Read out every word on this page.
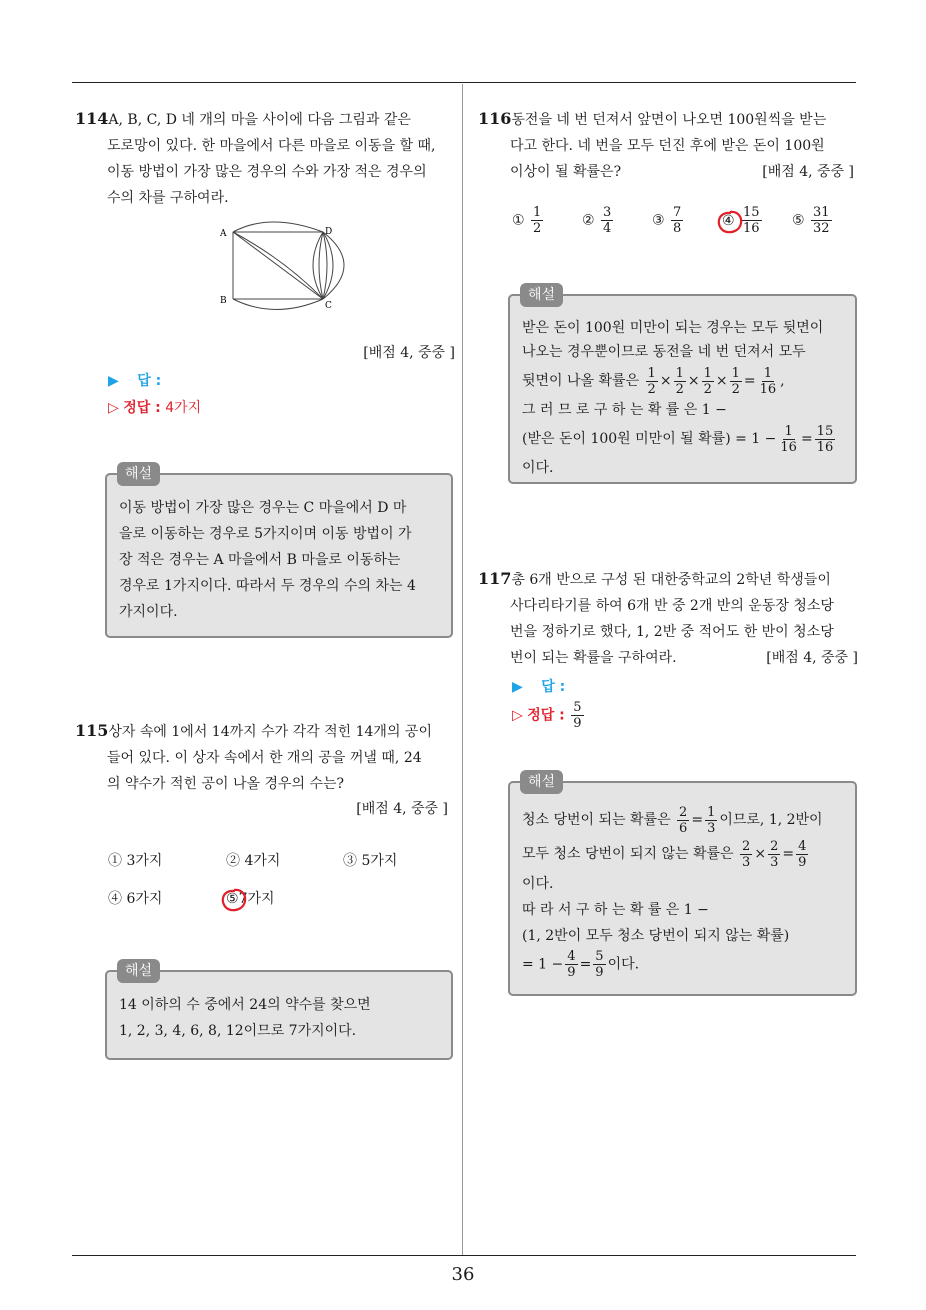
114A, B, C, D 네 개의 마을 사이에 다음 그림과 같은
도로망이 있다. 한 마을에서 다른 마을로 이동을 할 때,
이동 방법이 가장 많은 경우의 수와 가장 적은 경우의
수의 차를 구하여라.
A
B	C
D
[배점 4, 중중 ]
▶ 답 :
▷ 정답 : 4가지
해설
이동 방법이 가장 많은 경우는 C 마을에서 D 마
을로 이동하는 경우로 5가지이며 이동 방법이 가
장 적은 경우는 A 마을에서 B 마을로 이동하는
경우로 1가지이다. 따라서 두 경우의 수의 차는 4
가지이다.
115상자 속에 1에서 14까지 수가 각각 적힌 14개의 공이
들어 있다. 이 상자 속에서 한 개의 공을 꺼낼 때, 24
의 약수가 적힌 공이 나올 경우의 수는?
[배점 4, 중중 ]
① 3가지	② 4가지	③ 5가지
④ 6가지	⑤7가지
해설
14 이하의 수 중에서 24의 약수를 찾으면
1, 2, 3, 4, 6, 8, 12이므로 7가지이다.
116동전을 네 번 던져서 앞면이 나오면 100원씩을 받는
다고 한다. 네 번을 모두 던진 후에 받은 돈이 100원
이상이 될 확률은?	[배점 4, 중중 ]
① $\frac{1}{2}$	② $\frac{3}{4}$	③ $\frac{7}{8}$	④ $\frac{15}{16}$ ⑤ $\frac{31}{32}$
해설
받은 돈이 100원 미만이 되는 경우는 모두 뒷면이
나오는 경우뿐이므로 동전을 네 번 던져서 모두
뒷면이 나올 확률은 $\frac{1}{2} \times \frac{1}{2} \times \frac{1}{2} \times \frac{1}{2} = \frac{1}{16}$ ,
그 러 므 로 구 하 는 확 률 은 1 −
(받은 돈이 100원 미만이 될 확률) = $1 - \frac{1}{16} = \frac{15}{16}$
이다.
117총 6개 반으로 구성 된 대한중학교의 2학년 학생들이
사다리타기를 하여 6개 반 중 2개 반의 운동장 청소당
번을 정하기로 했다, 1, 2반 중 적어도 한 반이 청소당
번이 되는 확률을 구하여라.	[배점 4, 중중 ]
▶ 답 :
▷ 정답 : $\frac{5}{9}$
해설
청소 당번이 되는 확률은 $\frac{2}{6} = \frac{1}{3}$ 이므로, 1, 2반이
모두 청소 당번이 되지 않는 확률은 $\frac{2}{3} \times \frac{2}{3} = \frac{4}{9}$
이다.
따 라 서 구 하 는 확 률 은 1 −
(1, 2반이 모두 청소 당번이 되지 않는 확률)
= $1 - \frac{4}{9} = \frac{5}{9}$ 이다.
36
